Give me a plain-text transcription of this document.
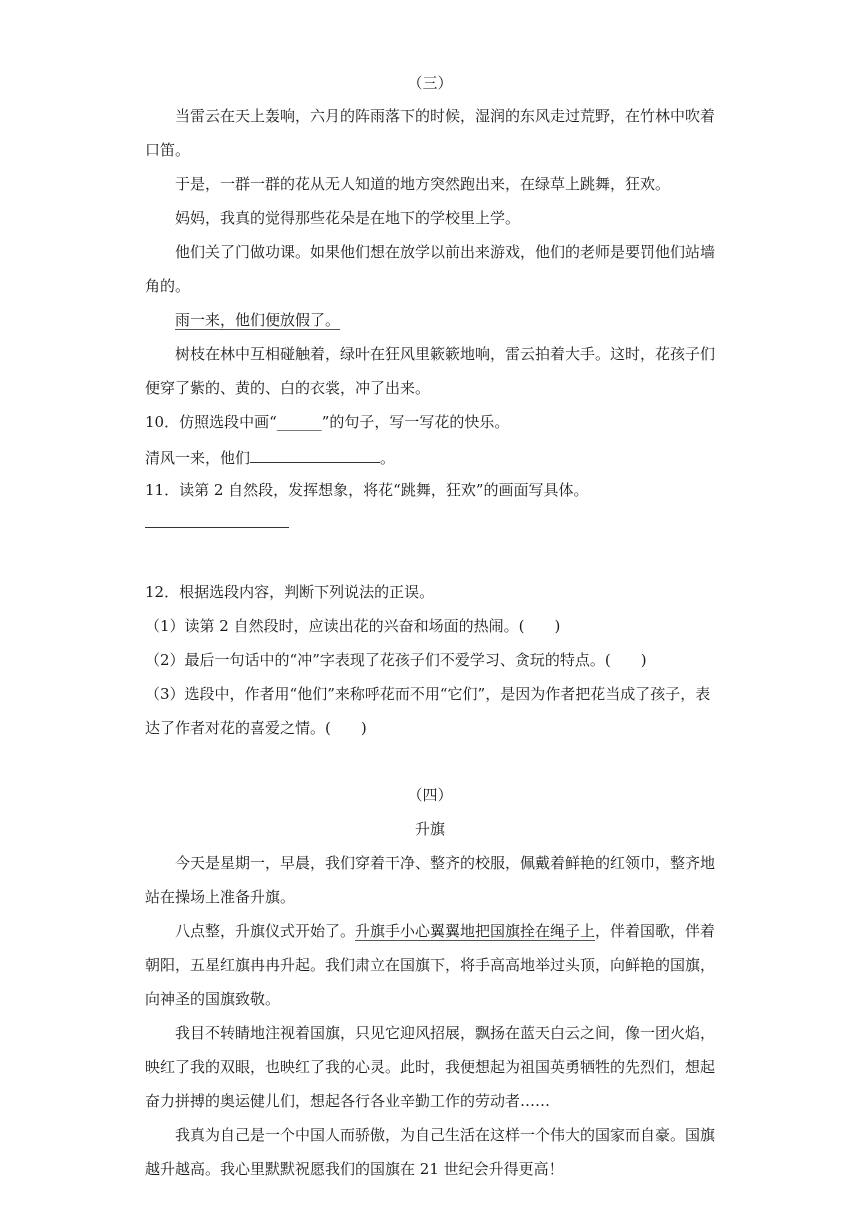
（三）
当雷云在天上轰响，六月的阵雨落下的时候，湿润的东风走过荒野，在竹林中吹着
口笛。
于是，一群一群的花从无人知道的地方突然跑出来，在绿草上跳舞，狂欢。
妈妈，我真的觉得那些花朵是在地下的学校里上学。
他们关了门做功课。如果他们想在放学以前出来游戏，他们的老师是要罚他们站墙
角的。
雨一来，他们便放假了。
树枝在林中互相碰触着，绿叶在狂风里簌簌地响，雷云拍着大手。这时，花孩子们
便穿了紫的、黄的、白的衣裳，冲了出来。
10．仿照选段中画“______”的句子，写一写花的快乐。
清风一来，他们	。
11．读第 2 自然段，发挥想象，将花“跳舞，狂欢”的画面写具体。
12．根据选段内容，判断下列说法的正误。
（1）读第 2 自然段时，应读出花的兴奋和场面的热闹。(　　)
（2）最后一句话中的“冲”字表现了花孩子们不爱学习、贪玩的特点。(　　)
（3）选段中，作者用“他们”来称呼花而不用“它们”，是因为作者把花当成了孩子，表
达了作者对花的喜爱之情。(　　)
（四）
升旗
今天是星期一，早晨，我们穿着干净、整齐的校服，佩戴着鲜艳的红领巾，整齐地
站在操场上准备升旗。
八点整，升旗仪式开始了。升旗手小心翼翼地把国旗拴在绳子上，伴着国歌，伴着
朝阳，五星红旗冉冉升起。我们肃立在国旗下，将手高高地举过头顶，向鲜艳的国旗，
向神圣的国旗致敬。
我目不转睛地注视着国旗，只见它迎风招展，飘扬在蓝天白云之间，像一团火焰，
映红了我的双眼，也映红了我的心灵。此时，我便想起为祖国英勇牺牲的先烈们，想起
奋力拼搏的奥运健儿们，想起各行各业辛勤工作的劳动者……
我真为自己是一个中国人而骄傲，为自己生活在这样一个伟大的国家而自豪。国旗
越升越高。我心里默默祝愿我们的国旗在 21 世纪会升得更高！
